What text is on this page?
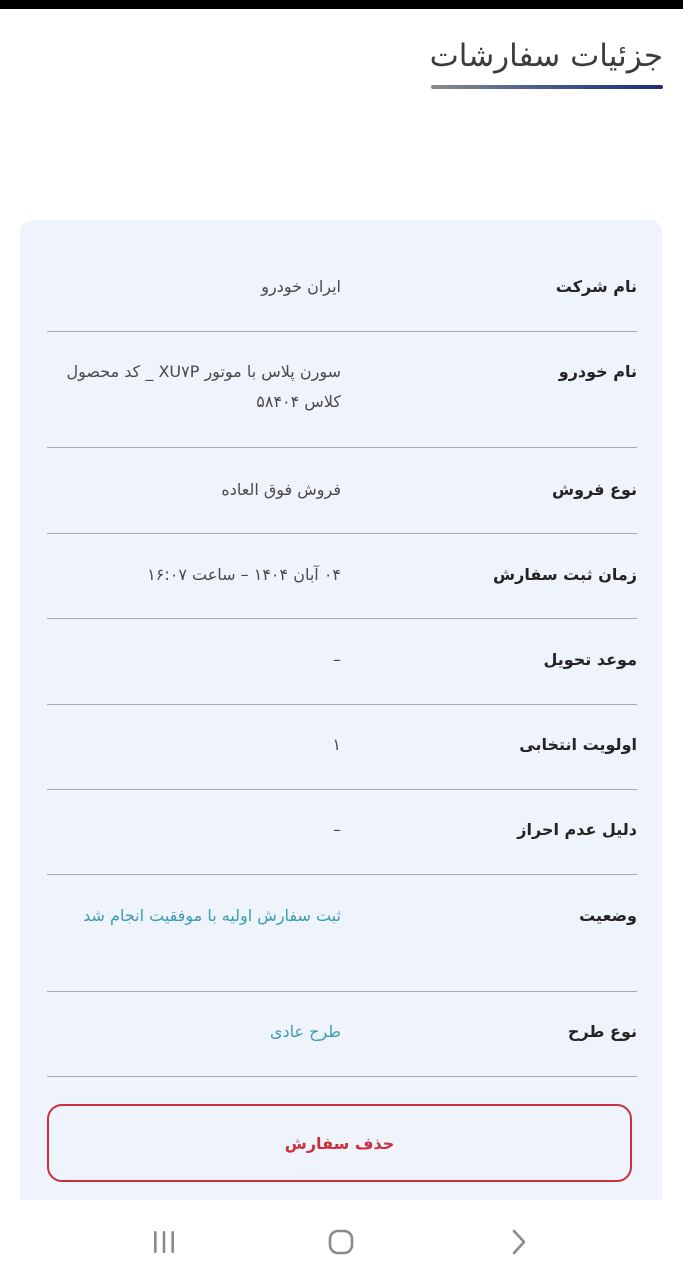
جزئیات سفارشات
نام شرکت
ایران خودرو
نام خودرو
سورن پلاس با موتور XU۷P _ کد محصول کلاس ۵۸۴۰۴
نوع فروش
فروش فوق العاده
زمان ثبت سفارش
۰۴ آبان ۱۴۰۴ – ساعت ۱۶:۰۷
موعد تحویل
–
اولویت انتخابی
۱
دلیل عدم احراز
–
وضعیت
ثبت سفارش اولیه با موفقیت انجام شد
نوع طرح
طرح عادی
حذف سفارش
